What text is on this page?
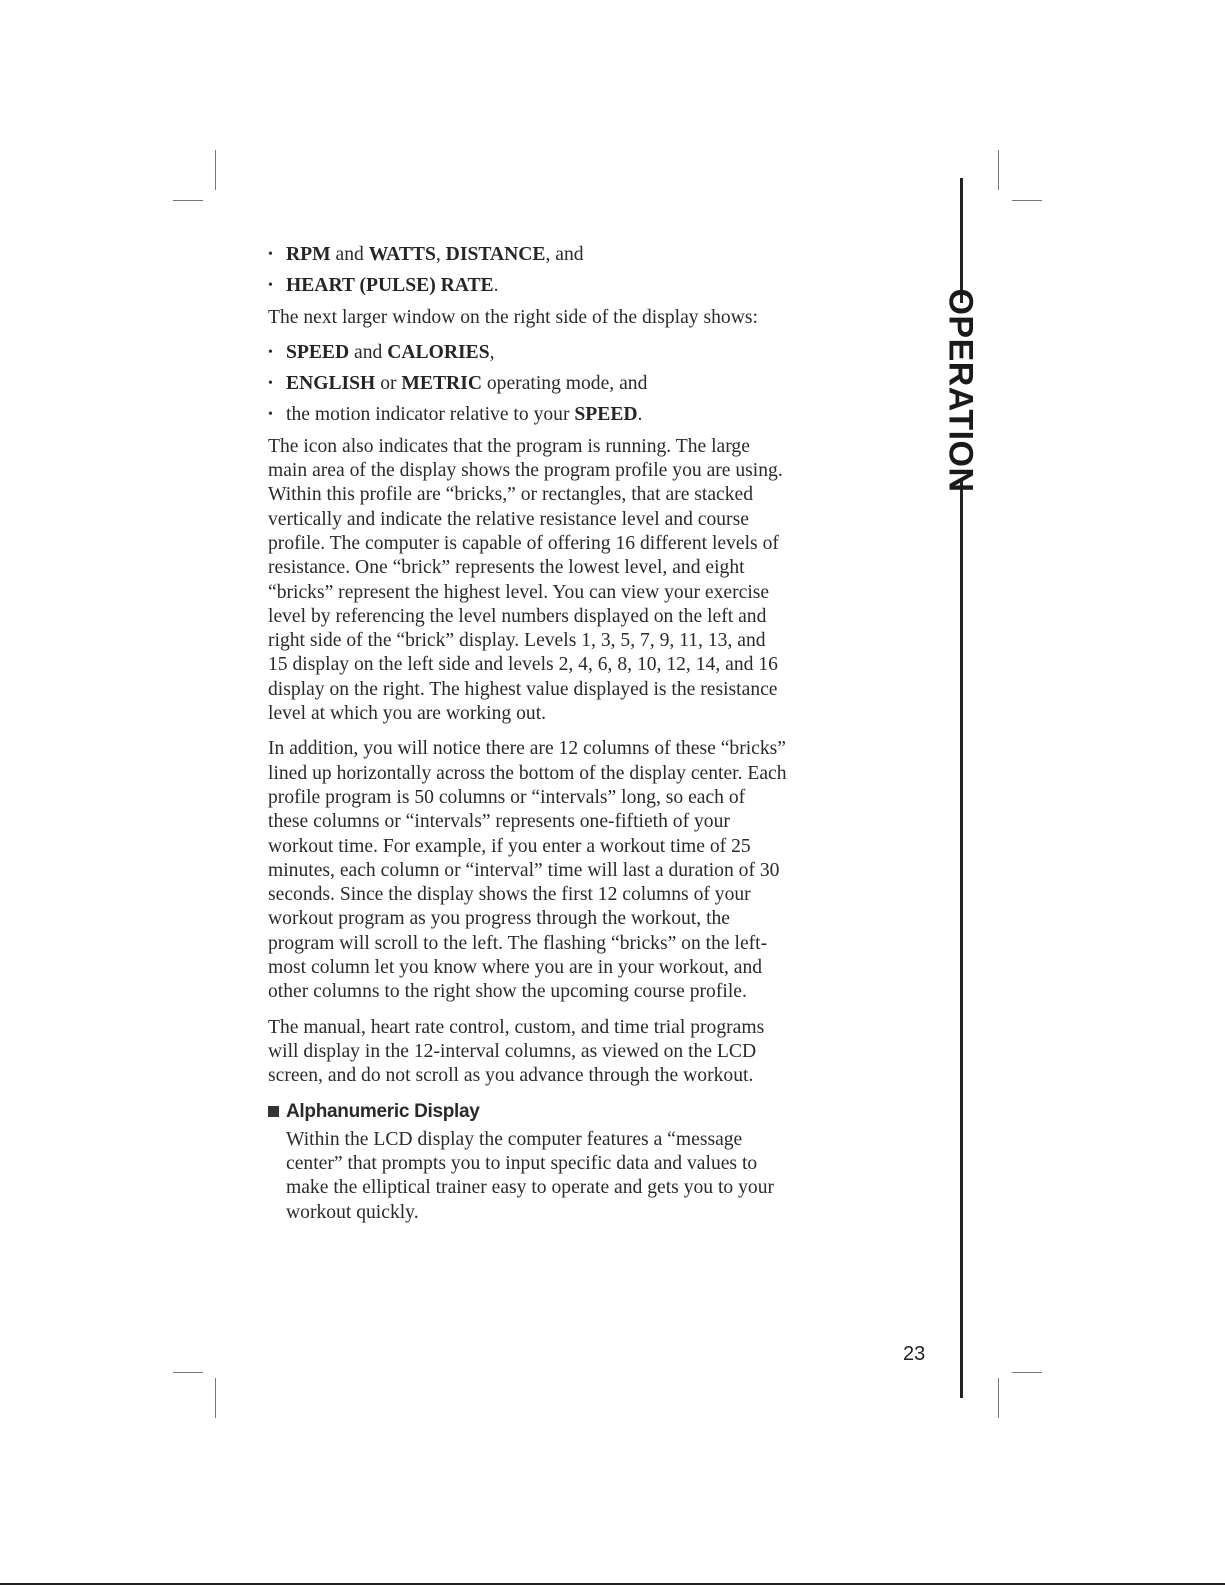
• RPM and WATTS, DISTANCE, and
• HEART (PULSE) RATE.

The next larger window on the right side of the display shows:

• SPEED and CALORIES,
• ENGLISH or METRIC operating mode, and
• the motion indicator relative to your SPEED.

The icon also indicates that the program is running. The large main area of the display shows the program profile you are using. Within this profile are “bricks,” or rectangles, that are stacked vertically and indicate the relative resistance level and course profile. The computer is capable of offering 16 different levels of resistance. One “brick” represents the lowest level, and eight “bricks” represent the highest level. You can view your exercise level by referencing the level numbers displayed on the left and right side of the “brick” display. Levels 1, 3, 5, 7, 9, 11, 13, and 15 display on the left side and levels 2, 4, 6, 8, 10, 12, 14, and 16 display on the right. The highest value displayed is the resistance level at which you are working out.

In addition, you will notice there are 12 columns of these “bricks” lined up horizontally across the bottom of the display center. Each profile program is 50 columns or “intervals” long, so each of these columns or “intervals” represents one-fiftieth of your workout time. For example, if you enter a workout time of 25 minutes, each column or “interval” time will last a duration of 30 seconds. Since the display shows the first 12 columns of your workout program as you progress through the workout, the program will scroll to the left. The flashing “bricks” on the left-most column let you know where you are in your workout, and other columns to the right show the upcoming course profile.

The manual, heart rate control, custom, and time trial programs will display in the 12-interval columns, as viewed on the LCD screen, and do not scroll as you advance through the workout.

Alphanumeric Display

Within the LCD display the computer features a “message center” that prompts you to input specific data and values to make the elliptical trainer easy to operate and gets you to your workout quickly.

OPERATION
23
